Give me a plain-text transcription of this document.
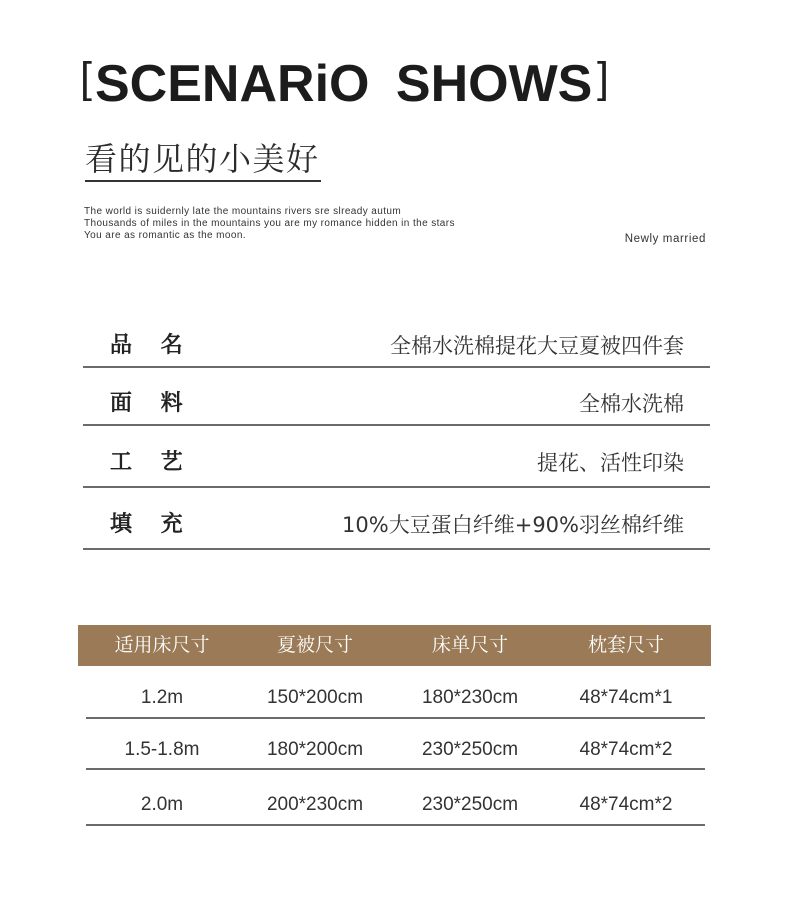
[ SCENARiO SHOWS ]
看的见的小美好
The world is suidernly late the mountains rivers sre slready autum
Thousands of miles in the mountains you are my romance hidden in the stars
You are as romantic as the moon.	Newly married
品 名	全棉水洗棉提花大豆夏被四件套
面 料	全棉水洗棉
工 艺	提花、活性印染
填 充	10%大豆蛋白纤维+90%羽丝棉纤维
适用床尺寸	夏被尺寸	床单尺寸	枕套尺寸
1.2m	150*200cm	180*230cm	48*74cm*1
1.5-1.8m	180*200cm	230*250cm	48*74cm*2
2.0m	200*230cm	230*250cm	48*74cm*2
